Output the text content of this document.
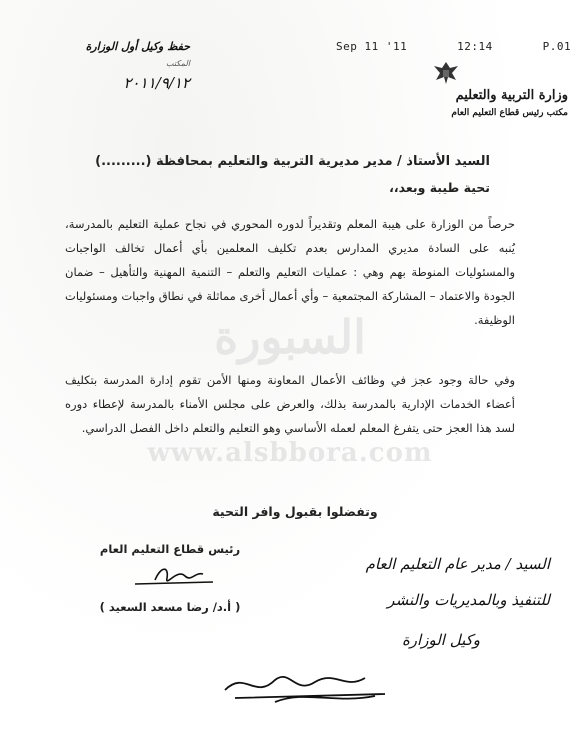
Sep 11 '11	12:14	P.01
حفظ وكيل أول الوزارة
المكتب
٢٠١١/٩/١٢
وزارة التربية والتعليم
مكتب رئيس قطاع التعليم العام
السيد الأستاذ / مدير مديرية التربية والتعليم بمحافظة (.........)
تحية طيبة وبعد،،
حرصاً من الوزارة على هيبة المعلم وتقديراً لدوره المحوري في نجاح عملية التعليم بالمدرسة، يُنبه على السادة مديري المدارس بعدم تكليف المعلمين بأي أعمال تخالف الواجبات والمسئوليات المنوطة بهم وهي : عمليات التعليم والتعلم – التنمية المهنية والتأهيل – ضمان الجودة والاعتماد – المشاركة المجتمعية – وأي أعمال أخرى مماثلة في نطاق واجبات ومسئوليات الوظيفة.
وفي حالة وجود عجز في وظائف الأعمال المعاونة ومنها الأمن تقوم إدارة المدرسة بتكليف أعضاء الخدمات الإدارية بالمدرسة بذلك، والعرض على مجلس الأمناء بالمدرسة لإعطاء دوره لسد هذا العجز حتى يتفرغ المعلم لعمله الأساسي وهو التعليم والتعلم داخل الفصل الدراسي.
السبورة
www.alsbbora.com
وتفضلوا بقبول وافر التحية
رئيس قطاع التعليم العام
( أ.د/ رضا مسعد السعيد )
السيد / مدير عام التعليم العام
للتنفيذ وبالمديريات والنشر
وكيل الوزارة
